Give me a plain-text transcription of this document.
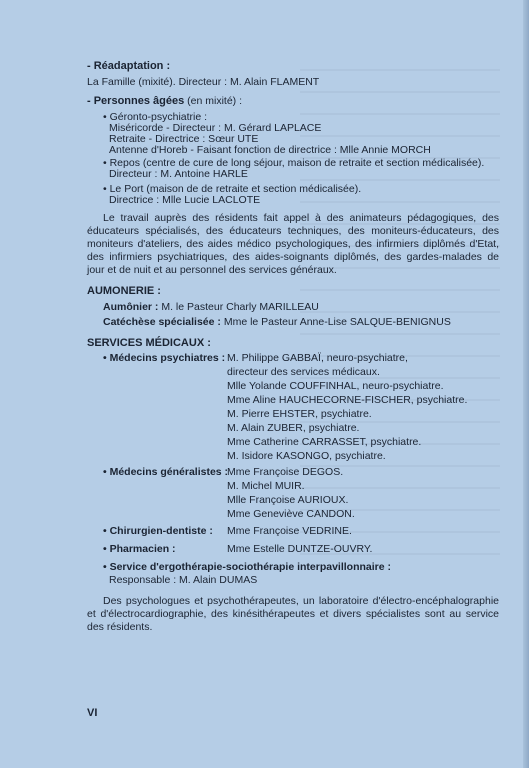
- Réadaptation :
La Famille (mixité). Directeur : M. Alain FLAMENT
- Personnes âgées (en mixité) :
• Géronto-psychiatrie :
Miséricorde - Directeur : M. Gérard LAPLACE
Retraite - Directrice : Sœur UTE
Antenne d'Horeb - Faisant fonction de directrice : Mlle Annie MORCH
• Repos (centre de cure de long séjour, maison de retraite et section médicalisée).
Directeur : M. Antoine HARLE
• Le Port (maison de de retraite et section médicalisée).
Directrice : Mlle Lucie LACLOTE
Le travail auprès des résidents fait appel à des animateurs pédagogiques, des éducateurs spécialisés, des éducateurs techniques, des moniteurs-éducateurs, des moniteurs d'ateliers, des aides médico psychologiques, des infirmiers diplômés d'Etat, des infirmiers psychiatriques, des aides-soignants diplômés, des gardes-malades de jour et de nuit et au personnel des services généraux.
AUMONERIE :
Aumônier : M. le Pasteur Charly MARILLEAU
Catéchèse spécialisée : Mme le Pasteur Anne-Lise SALQUE-BENIGNUS
SERVICES MÉDICAUX :
• Médecins psychiatres : M. Philippe GABBAÏ, neuro-psychiatre,
directeur des services médicaux.
Mlle Yolande COUFFINHAL, neuro-psychiatre.
Mme Aline HAUCHECORNE-FISCHER, psychiatre.
M. Pierre EHSTER, psychiatre.
M. Alain ZUBER, psychiatre.
Mme Catherine CARRASSET, psychiatre.
M. Isidore KASONGO, psychiatre.
• Médecins généralistes :
Mme Françoise DEGOS.
M. Michel MUIR.
Mlle Françoise AURIOUX.
Mme Geneviève CANDON.
• Chirurgien-dentiste : Mme Françoise VEDRINE.
• Pharmacien :	Mme Estelle DUNTZE-OUVRY.
• Service d'ergothérapie-sociothérapie interpavillonnaire :
Responsable : M. Alain DUMAS
Des psychologues et psychothérapeutes, un laboratoire d'électro-encéphalographie et d'électrocardiographie, des kinésithérapeutes et divers spécialistes sont au service des résidents.
VI
